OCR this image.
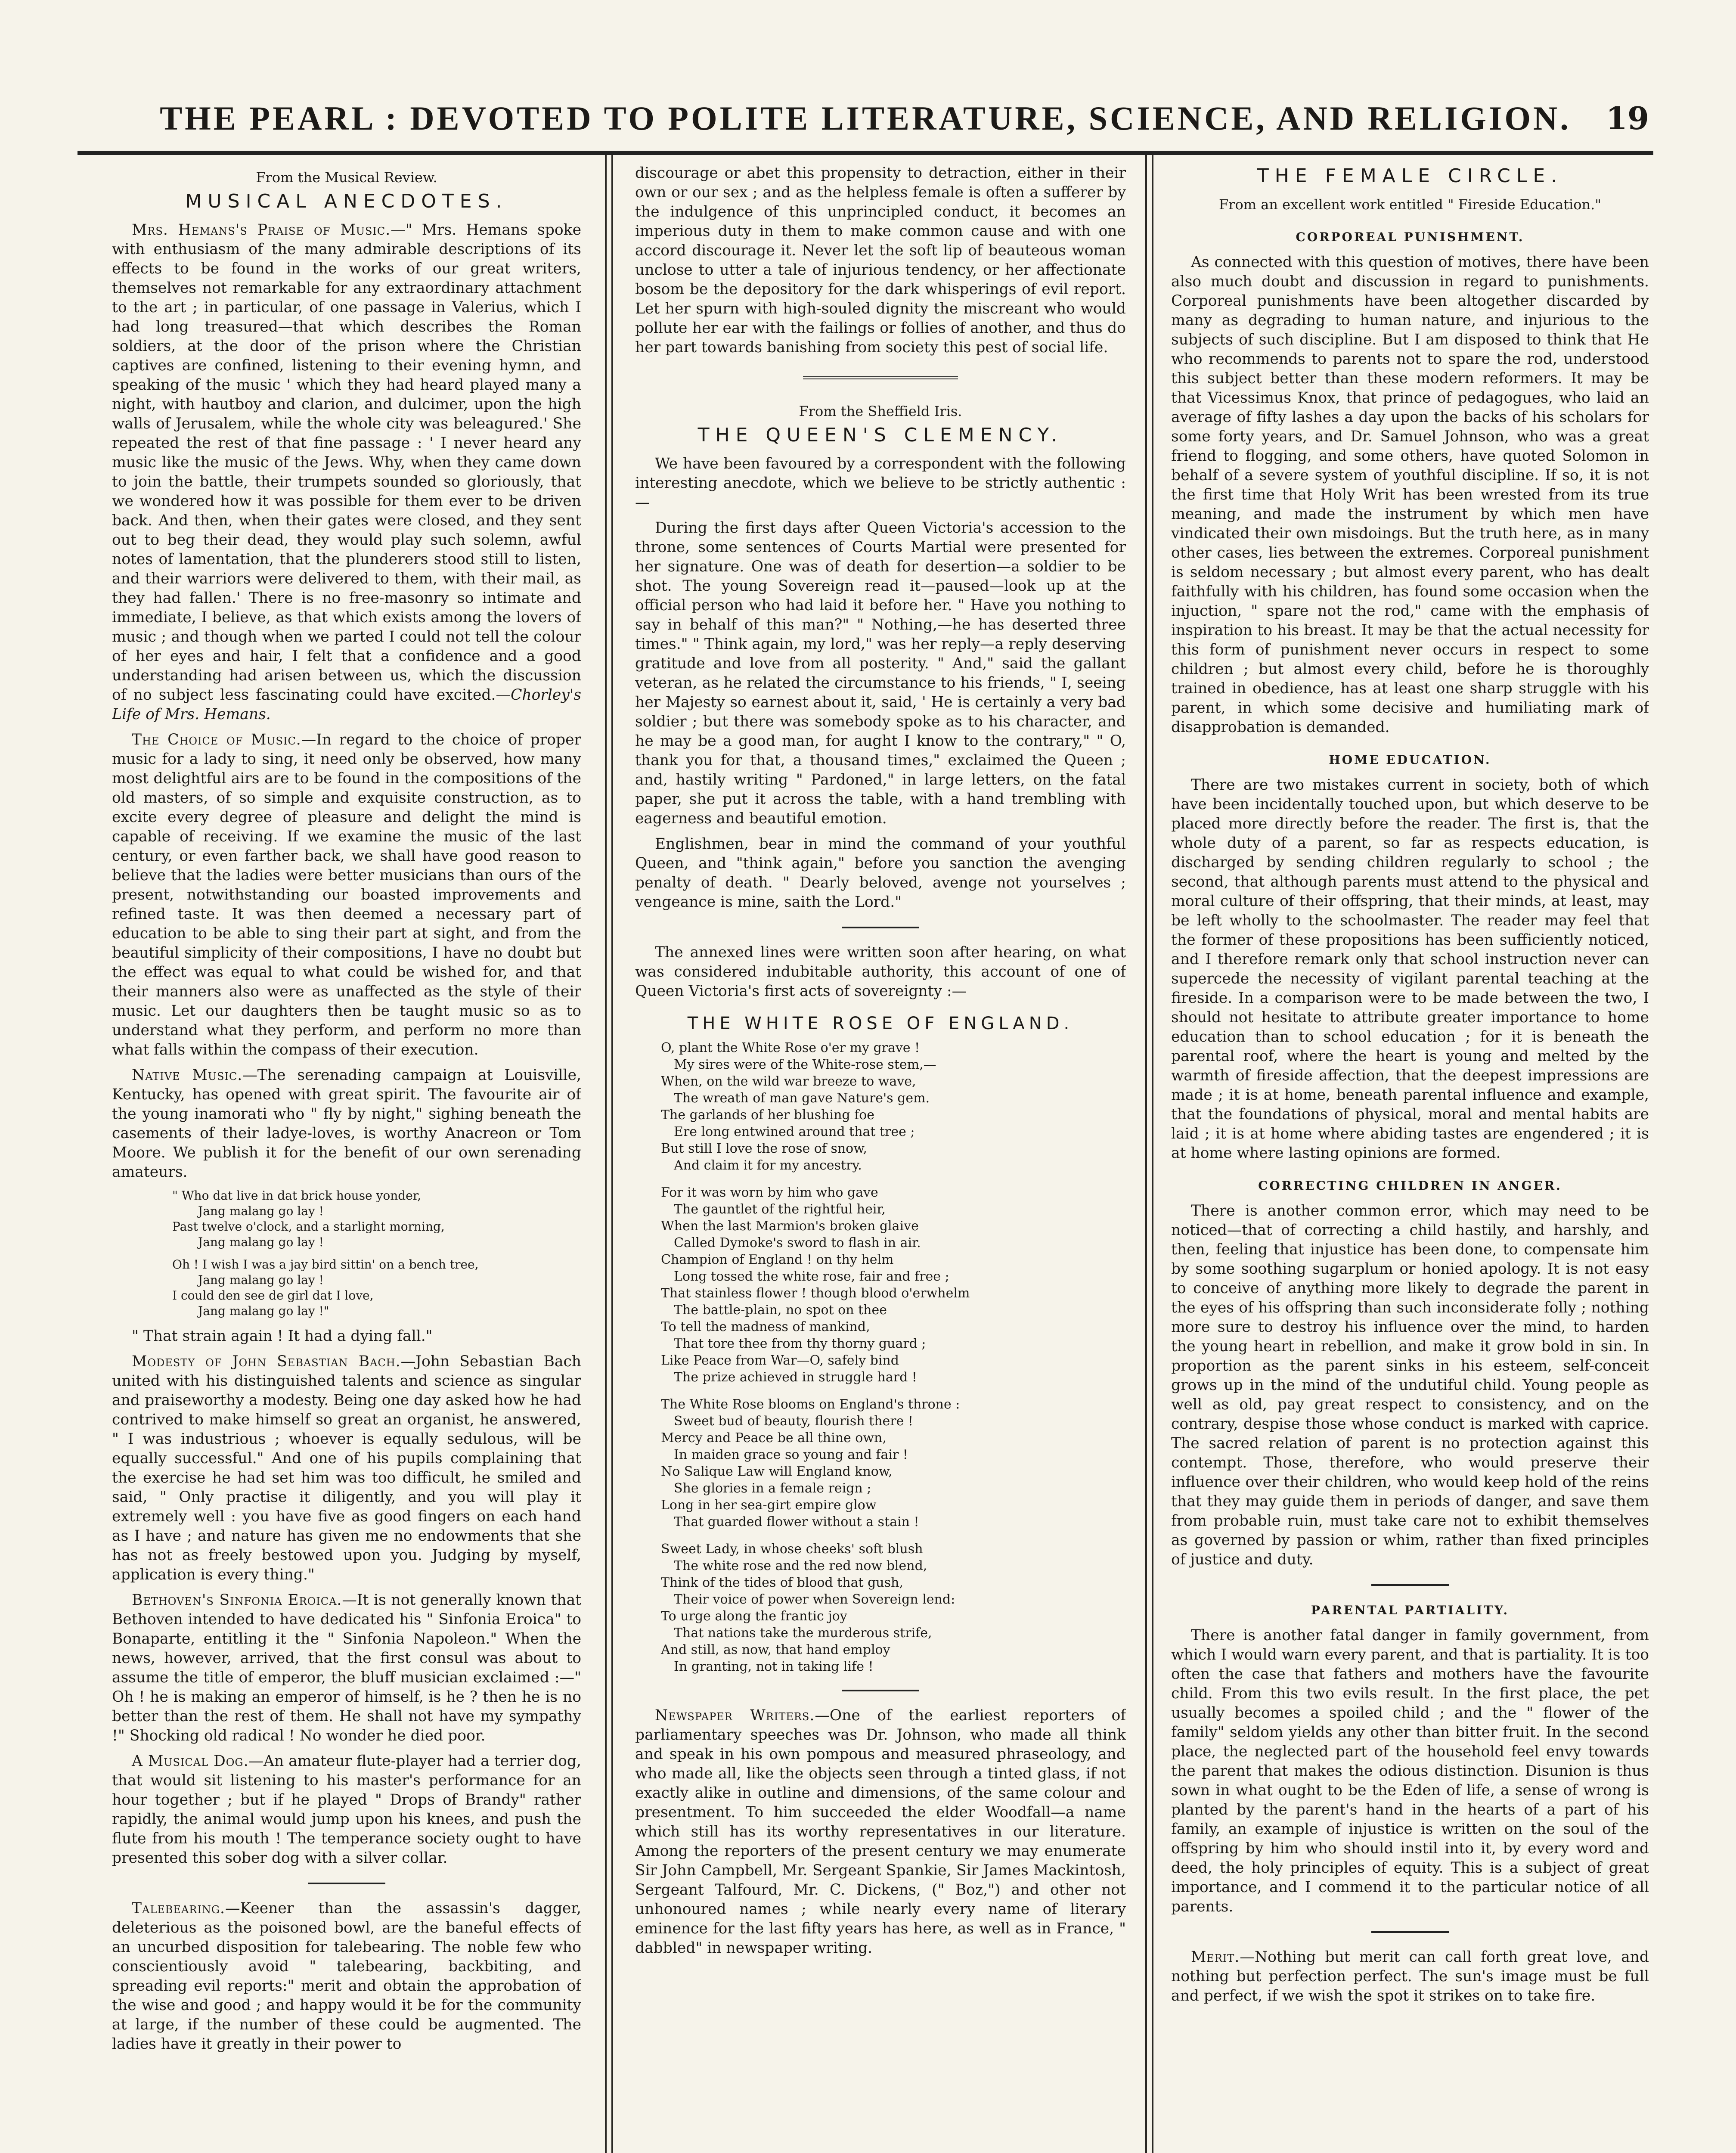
THE PEARL : DEVOTED TO POLITE LITERATURE, SCIENCE, AND RELIGION.	19
From the Musical Review.
MUSICAL ANECDOTES.

Mrs. Hemans's Praise of Music.—" Mrs. Hemans spoke with enthusiasm of the many admirable descriptions of its effects to be found in the works of our great writers, themselves not remarkable for any extraordinary attachment to the art ; in particular, of one passage in Valerius, which I had long treasured—that which describes the Roman soldiers, at the door of the prison where the Christian captives are confined, listening to their evening hymn, and speaking of the music ' which they had heard played many a night, with hautboy and clarion, and dulcimer, upon the high walls of Jerusalem, while the whole city was beleagured.' She repeated the rest of that fine passage : ' I never heard any music like the music of the Jews. Why, when they came down to join the battle, their trumpets sounded so gloriously, that we wondered how it was possible for them ever to be driven back. And then, when their gates were closed, and they sent out to beg their dead, they would play such solemn, awful notes of lamentation, that the plunderers stood still to listen, and their warriors were delivered to them, with their mail, as they had fallen.' There is no free-masonry so intimate and immediate, I believe, as that which exists among the lovers of music ; and though when we parted I could not tell the colour of her eyes and hair, I felt that a confidence and a good understanding had arisen between us, which the discussion of no subject less fascinating could have excited.—Chorley's Life of Mrs. Hemans.

The Choice of Music.—In regard to the choice of proper music for a lady to sing, it need only be observed, how many most delightful airs are to be found in the compositions of the old masters, of so simple and exquisite construction, as to excite every degree of pleasure and delight the mind is capable of receiving. If we examine the music of the last century, or even farther back, we shall have good reason to believe that the ladies were better musicians than ours of the present, notwithstanding our boasted improvements and refined taste. It was then deemed a necessary part of education to be able to sing their part at sight, and from the beautiful simplicity of their compositions, I have no doubt but the effect was equal to what could be wished for, and that their manners also were as unaffected as the style of their music. Let our daughters then be taught music so as to understand what they perform, and perform no more than what falls within the compass of their execution.

Native Music.—The serenading campaign at Louisville, Kentucky, has opened with great spirit. The favourite air of the young inamorati who " fly by night," sighing beneath the casements of their ladye-loves, is worthy Anacreon or Tom Moore. We publish it for the benefit of our own serenading amateurs.

" Who dat live in dat brick house yonder,
Jang malang go lay !
Past twelve o'clock, and a starlight morning,
Jang malang go lay !
Oh ! I wish I was a jay bird sittin' on a bench tree,
Jang malang go lay !
I could den see de girl dat I love,
Jang malang go lay !"

" That strain again ! It had a dying fall."

Modesty of John Sebastian Bach.—John Sebastian Bach united with his distinguished talents and science as singular and praiseworthy a modesty. Being one day asked how he had contrived to make himself so great an organist, he answered, " I was industrious ; whoever is equally sedulous, will be equally successful." And one of his pupils complaining that the exercise he had set him was too difficult, he smiled and said, " Only practise it diligently, and you will play it extremely well : you have five as good fingers on each hand as I have ; and nature has given me no endowments that she has not as freely bestowed upon you. Judging by myself, application is every thing."

Bethoven's Sinfonia Eroica.—It is not generally known that Bethoven intended to have dedicated his " Sinfonia Eroica" to Bonaparte, entitling it the " Sinfonia Napoleon." When the news, however, arrived, that the first consul was about to assume the title of emperor, the bluff musician exclaimed :—" Oh ! he is making an emperor of himself, is he ? then he is no better than the rest of them. He shall not have my sympathy !" Shocking old radical ! No wonder he died poor.

A Musical Dog.—An amateur flute-player had a terrier dog, that would sit listening to his master's performance for an hour together ; but if he played " Drops of Brandy" rather rapidly, the animal would jump upon his knees, and push the flute from his mouth ! The temperance society ought to have presented this sober dog with a silver collar.

Talebearing.—Keener than the assassin's dagger, deleterious as the poisoned bowl, are the baneful effects of an uncurbed disposition for talebearing. The noble few who conscientiously avoid " talebearing, backbiting, and spreading evil reports:" merit and obtain the approbation of the wise and good ; and happy would it be for the community at large, if the number of these could be augmented. The ladies have it greatly in their power to

discourage or abet this propensity to detraction, either in their own or our sex ; and as the helpless female is often a sufferer by the indulgence of this unprincipled conduct, it becomes an imperious duty in them to make common cause and with one accord discourage it. Never let the soft lip of beauteous woman unclose to utter a tale of injurious tendency, or her affectionate bosom be the depository for the dark whisperings of evil report. Let her spurn with high-souled dignity the miscreant who would pollute her ear with the failings or follies of another, and thus do her part towards banishing from society this pest of social life.

From the Sheffield Iris.
THE QUEEN'S CLEMENCY.

We have been favoured by a correspondent with the following interesting anecdote, which we believe to be strictly authentic :—

During the first days after Queen Victoria's accession to the throne, some sentences of Courts Martial were presented for her signature. One was of death for desertion—a soldier to be shot. The young Sovereign read it—paused—look up at the official person who had laid it before her. " Have you nothing to say in behalf of this man?" " Nothing,—he has deserted three times." " Think again, my lord," was her reply—a reply deserving gratitude and love from all posterity. " And," said the gallant veteran, as he related the circumstance to his friends, " I, seeing her Majesty so earnest about it, said, ' He is certainly a very bad soldier ; but there was somebody spoke as to his character, and he may be a good man, for aught I know to the contrary," " O, thank you for that, a thousand times," exclaimed the Queen ; and, hastily writing " Pardoned," in large letters, on the fatal paper, she put it across the table, with a hand trembling with eagerness and beautiful emotion.

Englishmen, bear in mind the command of your youthful Queen, and "think again," before you sanction the avenging penalty of death. " Dearly beloved, avenge not yourselves ; vengeance is mine, saith the Lord."

The annexed lines were written soon after hearing, on what was considered indubitable authority, this account of one of Queen Victoria's first acts of sovereignty :—

THE WHITE ROSE OF ENGLAND.
O, plant the White Rose o'er my grave !
My sires were of the White-rose stem,—
When, on the wild war breeze to wave,
The wreath of man gave Nature's gem.
The garlands of her blushing foe
Ere long entwined around that tree ;
But still I love the rose of snow,
And claim it for my ancestry.
For it was worn by him who gave
The gauntlet of the rightful heir,
When the last Marmion's broken glaive
Called Dymoke's sword to flash in air.
Champion of England ! on thy helm
Long tossed the white rose, fair and free ;
That stainless flower ! though blood o'erwhelm
The battle-plain, no spot on thee
To tell the madness of mankind,
That tore thee from thy thorny guard ;
Like Peace from War—O, safely bind
The prize achieved in struggle hard !
The White Rose blooms on England's throne :
Sweet bud of beauty, flourish there !
Mercy and Peace be all thine own,
In maiden grace so young and fair !
No Salique Law will England know,
She glories in a female reign ;
Long in her sea-girt empire glow
That guarded flower without a stain !
Sweet Lady, in whose cheeks' soft blush
The white rose and the red now blend,
Think of the tides of blood that gush,
Their voice of power when Sovereign lend:
To urge along the frantic joy
That nations take the murderous strife,
And still, as now, that hand employ
In granting, not in taking life !

Newspaper Writers.—One of the earliest reporters of parliamentary speeches was Dr. Johnson, who made all think and speak in his own pompous and measured phraseology, and who made all, like the objects seen through a tinted glass, if not exactly alike in outline and dimensions, of the same colour and presentment. To him succeeded the elder Woodfall—a name which still has its worthy representatives in our literature. Among the reporters of the present century we may enumerate Sir John Campbell, Mr. Sergeant Spankie, Sir James Mackintosh, Sergeant Talfourd, Mr. C. Dickens, (" Boz,") and other not unhonoured names ; while nearly every name of literary eminence for the last fifty years has here, as well as in France, " dabbled" in newspaper writing.

THE FEMALE CIRCLE.
From an excellent work entitled " Fireside Education."
CORPOREAL PUNISHMENT.

As connected with this question of motives, there have been also much doubt and discussion in regard to punishments. Corporeal punishments have been altogether discarded by many as degrading to human nature, and injurious to the subjects of such discipline. But I am disposed to think that He who recommends to parents not to spare the rod, understood this subject better than these modern reformers. It may be that Vicessimus Knox, that prince of pedagogues, who laid an average of fifty lashes a day upon the backs of his scholars for some forty years, and Dr. Samuel Johnson, who was a great friend to flogging, and some others, have quoted Solomon in behalf of a severe system of youthful discipline. If so, it is not the first time that Holy Writ has been wrested from its true meaning, and made the instrument by which men have vindicated their own misdoings. But the truth here, as in many other cases, lies between the extremes. Corporeal punishment is seldom necessary ; but almost every parent, who has dealt faithfully with his children, has found some occasion when the injuction, " spare not the rod," came with the emphasis of inspiration to his breast. It may be that the actual necessity for this form of punishment never occurs in respect to some children ; but almost every child, before he is thoroughly trained in obedience, has at least one sharp struggle with his parent, in which some decisive and humiliating mark of disapprobation is demanded.

HOME EDUCATION.

There are two mistakes current in society, both of which have been incidentally touched upon, but which deserve to be placed more directly before the reader. The first is, that the whole duty of a parent, so far as respects education, is discharged by sending children regularly to school ; the second, that although parents must attend to the physical and moral culture of their offspring, that their minds, at least, may be left wholly to the schoolmaster. The reader may feel that the former of these propositions has been sufficiently noticed, and I therefore remark only that school instruction never can supercede the necessity of vigilant parental teaching at the fireside. In a comparison were to be made between the two, I should not hesitate to attribute greater importance to home education than to school education ; for it is beneath the parental roof, where the heart is young and melted by the warmth of fireside affection, that the deepest impressions are made ; it is at home, beneath parental influence and example, that the foundations of physical, moral and mental habits are laid ; it is at home where abiding tastes are engendered ; it is at home where lasting opinions are formed.

CORRECTING CHILDREN IN ANGER.

There is another common error, which may need to be noticed—that of correcting a child hastily, and harshly, and then, feeling that injustice has been done, to compensate him by some soothing sugarplum or honied apology. It is not easy to conceive of anything more likely to degrade the parent in the eyes of his offspring than such inconsiderate folly ; nothing more sure to destroy his influence over the mind, to harden the young heart in rebellion, and make it grow bold in sin. In proportion as the parent sinks in his esteem, self-conceit grows up in the mind of the undutiful child. Young people as well as old, pay great respect to consistency, and on the contrary, despise those whose conduct is marked with caprice. The sacred relation of parent is no protection against this contempt. Those, therefore, who would preserve their influence over their children, who would keep hold of the reins that they may guide them in periods of danger, and save them from probable ruin, must take care not to exhibit themselves as governed by passion or whim, rather than fixed principles of justice and duty.

PARENTAL PARTIALITY.

There is another fatal danger in family government, from which I would warn every parent, and that is partiality. It is too often the case that fathers and mothers have the favourite child. From this two evils result. In the first place, the pet usually becomes a spoiled child ; and the " flower of the family" seldom yields any other than bitter fruit. In the second place, the neglected part of the household feel envy towards the parent that makes the odious distinction. Disunion is thus sown in what ought to be the Eden of life, a sense of wrong is planted by the parent's hand in the hearts of a part of his family, an example of injustice is written on the soul of the offspring by him who should instil into it, by every word and deed, the holy principles of equity. This is a subject of great importance, and I commend it to the particular notice of all parents.

Merit.—Nothing but merit can call forth great love, and nothing but perfection perfect. The sun's image must be full and perfect, if we wish the spot it strikes on to take fire.
